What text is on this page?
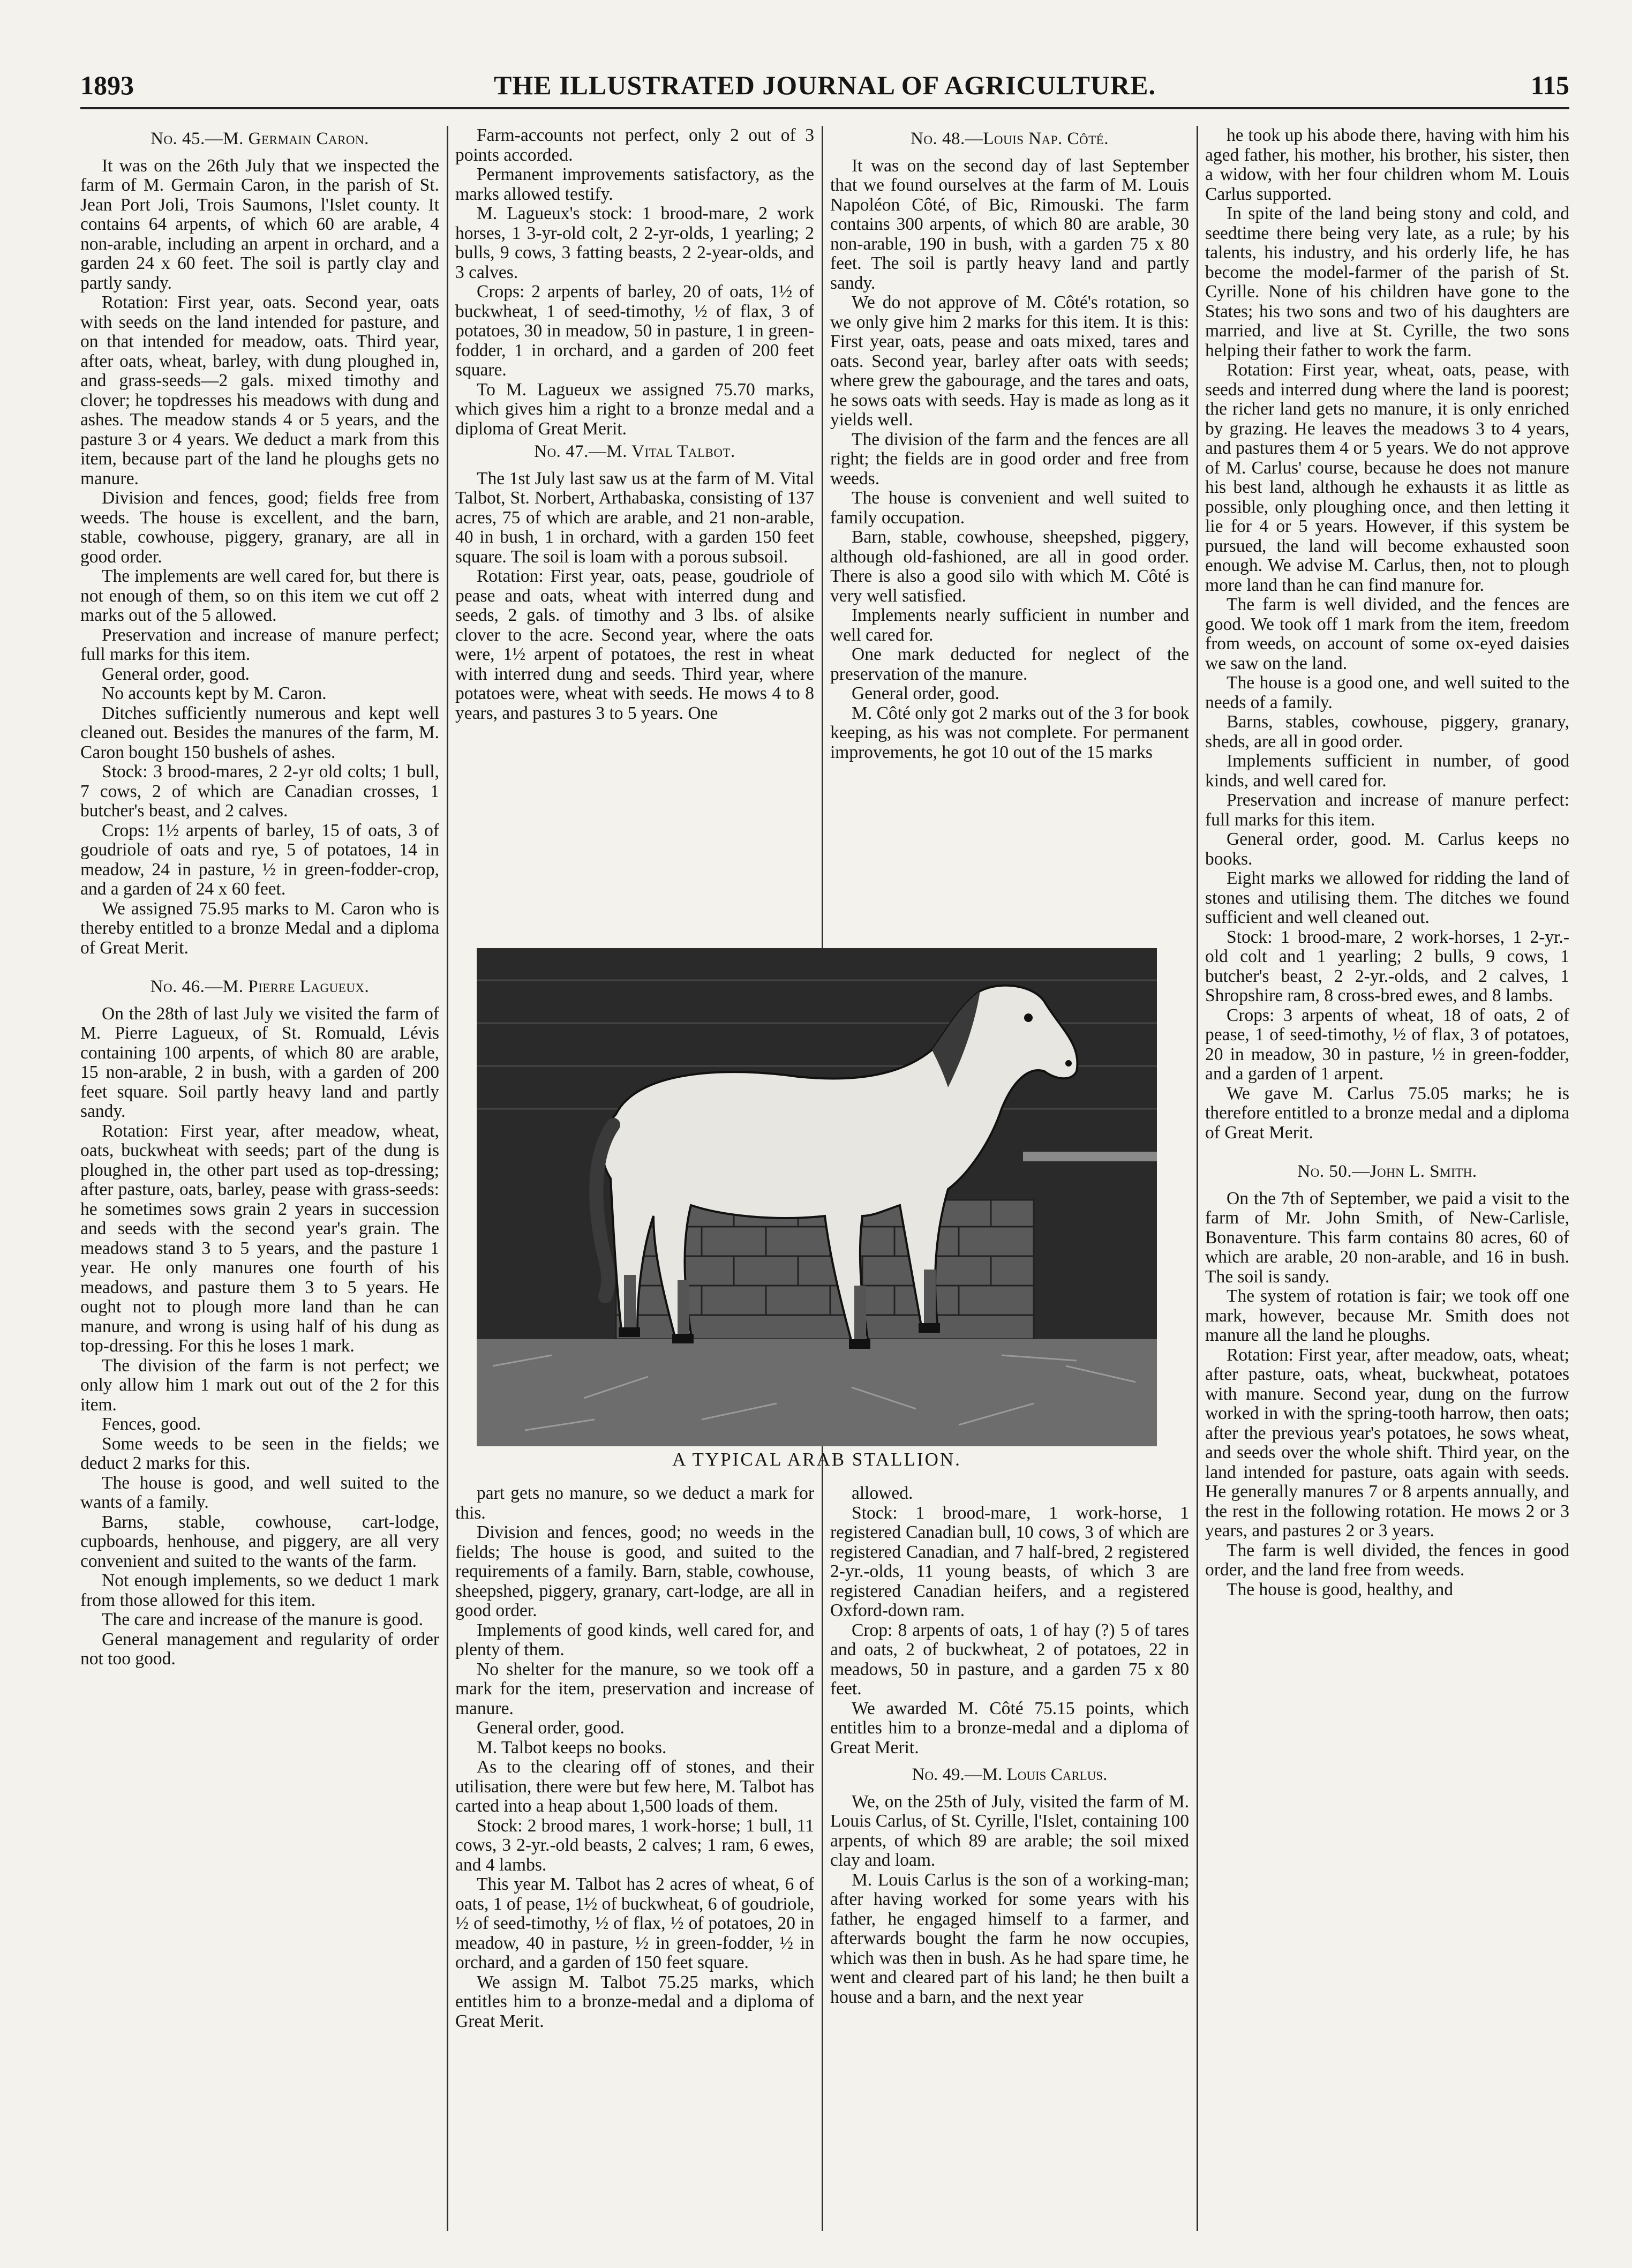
1893	THE ILLUSTRATED JOURNAL OF AGRICULTURE.	115
No. 45.—M. Germain Caron.

It was on the 26th July that we inspected the farm of M. Germain Caron, in the parish of St. Jean Port Joli, Trois Saumons, l'Islet county. It contains 64 arpents, of which 60 are arable, 4 non-arable, including an arpent in orchard, and a garden 24 x 60 feet. The soil is partly clay and partly sandy.

Rotation: First year, oats. Second year, oats with seeds on the land intended for pasture, and on that intended for meadow, oats. Third year, after oats, wheat, barley, with dung ploughed in, and grass-seeds—2 gals. mixed timothy and clover; he topdresses his meadows with dung and ashes. The meadow stands 4 or 5 years, and the pasture 3 or 4 years. We deduct a mark from this item, because part of the land he ploughs gets no manure.

Division and fences, good; fields free from weeds. The house is excellent, and the barn, stable, cowhouse, piggery, granary, are all in good order.

The implements are well cared for, but there is not enough of them, so on this item we cut off 2 marks out of the 5 allowed.

Preservation and increase of manure perfect; full marks for this item.

General order, good.

No accounts kept by M. Caron.

Ditches sufficiently numerous and kept well cleaned out. Besides the manures of the farm, M. Caron bought 150 bushels of ashes.

Stock: 3 brood-mares, 2 2-yr old colts; 1 bull, 7 cows, 2 of which are Canadian crosses, 1 butcher's beast, and 2 calves.

Crops: 1½ arpents of barley, 15 of oats, 3 of goudriole of oats and rye, 5 of potatoes, 14 in meadow, 24 in pasture, ½ in green-fodder-crop, and a garden of 24 x 60 feet.

We assigned 75.95 marks to M. Caron who is thereby entitled to a bronze Medal and a diploma of Great Merit.

No. 46.—M. Pierre Lagueux.

On the 28th of last July we visited the farm of M. Pierre Lagueux, of St. Romuald, Lévis containing 100 arpents, of which 80 are arable, 15 non-arable, 2 in bush, with a garden of 200 feet square. Soil partly heavy land and partly sandy.

Rotation: First year, after meadow, wheat, oats, buckwheat with seeds; part of the dung is ploughed in, the other part used as top-dressing; after pasture, oats, barley, pease with grass-seeds: he sometimes sows grain 2 years in succession and seeds with the second year's grain. The meadows stand 3 to 5 years, and the pasture 1 year. He only manures one fourth of his meadows, and pasture them 3 to 5 years. He ought not to plough more land than he can manure, and wrong is using half of his dung as top-dressing. For this he loses 1 mark.

The division of the farm is not perfect; we only allow him 1 mark out out of the 2 for this item.

Fences, good.

Some weeds to be seen in the fields; we deduct 2 marks for this.

The house is good, and well suited to the wants of a family.

Barns, stable, cowhouse, cart-lodge, cupboards, henhouse, and piggery, are all very convenient and suited to the wants of the farm.

Not enough implements, so we deduct 1 mark from those allowed for this item.

The care and increase of the manure is good.

General management and regularity of order not too good.

Farm-accounts not perfect, only 2 out of 3 points accorded.

Permanent improvements satisfactory, as the marks allowed testify.

M. Lagueux's stock: 1 brood-mare, 2 work horses, 1 3-yr-old colt, 2 2-yr-olds, 1 yearling; 2 bulls, 9 cows, 3 fatting beasts, 2 2-year-olds, and 3 calves.

Crops: 2 arpents of barley, 20 of oats, 1½ of buckwheat, 1 of seed-timothy, ½ of flax, 3 of potatoes, 30 in meadow, 50 in pasture, 1 in green-fodder, 1 in orchard, and a garden of 200 feet square.

To M. Lagueux we assigned 75.70 marks, which gives him a right to a bronze medal and a diploma of Great Merit.

No. 47.—M. Vital Talbot.

The 1st July last saw us at the farm of M. Vital Talbot, St. Norbert, Arthabaska, consisting of 137 acres, 75 of which are arable, and 21 non-arable, 40 in bush, 1 in orchard, with a garden 150 feet square. The soil is loam with a porous subsoil.

Rotation: First year, oats, pease, goudriole of pease and oats, wheat with interred dung and seeds, 2 gals. of timothy and 3 lbs. of alsike clover to the acre. Second year, where the oats were, 1½ arpent of potatoes, the rest in wheat with interred dung and seeds. Third year, where potatoes were, wheat with seeds. He mows 4 to 8 years, and pastures 3 to 5 years. One

No. 48.—Louis Nap. Côté.

It was on the second day of last September that we found ourselves at the farm of M. Louis Napoléon Côté, of Bic, Rimouski. The farm contains 300 arpents, of which 80 are arable, 30 non-arable, 190 in bush, with a garden 75 x 80 feet. The soil is partly heavy land and partly sandy.

We do not approve of M. Côté's rotation, so we only give him 2 marks for this item. It is this: First year, oats, pease and oats mixed, tares and oats. Second year, barley after oats with seeds; where grew the gabourage, and the tares and oats, he sows oats with seeds. Hay is made as long as it yields well.

The division of the farm and the fences are all right; the fields are in good order and free from weeds.

The house is convenient and well suited to family occupation.

Barn, stable, cowhouse, sheepshed, piggery, although old-fashioned, are all in good order. There is also a good silo with which M. Côté is very well satisfied.

Implements nearly sufficient in number and well cared for.

One mark deducted for neglect of the preservation of the manure.

General order, good.

M. Côté only got 2 marks out of the 3 for book keeping, as his was not complete. For permanent improvements, he got 10 out of the 15 marks

A TYPICAL ARAB STALLION.

part gets no manure, so we deduct a mark for this.

Division and fences, good; no weeds in the fields; The house is good, and suited to the requirements of a family. Barn, stable, cowhouse, sheepshed, piggery, granary, cart-lodge, are all in good order.

Implements of good kinds, well cared for, and plenty of them.

No shelter for the manure, so we took off a mark for the item, preservation and increase of manure.

General order, good.

M. Talbot keeps no books.

As to the clearing off of stones, and their utilisation, there were but few here, M. Talbot has carted into a heap about 1,500 loads of them.

Stock: 2 brood mares, 1 work-horse; 1 bull, 11 cows, 3 2-yr.-old beasts, 2 calves; 1 ram, 6 ewes, and 4 lambs.

This year M. Talbot has 2 acres of wheat, 6 of oats, 1 of pease, 1½ of buckwheat, 6 of goudriole, ½ of seed-timothy, ½ of flax, ½ of potatoes, 20 in meadow, 40 in pasture, ½ in green-fodder, ½ in orchard, and a garden of 150 feet square.

We assign M. Talbot 75.25 marks, which entitles him to a bronze-medal and a diploma of Great Merit.

allowed.

Stock: 1 brood-mare, 1 work-horse, 1 registered Canadian bull, 10 cows, 3 of which are registered Canadian, and 7 half-bred, 2 registered 2-yr.-olds, 11 young beasts, of which 3 are registered Canadian heifers, and a registered Oxford-down ram.

Crop: 8 arpents of oats, 1 of hay (?) 5 of tares and oats, 2 of buckwheat, 2 of potatoes, 22 in meadows, 50 in pasture, and a garden 75 x 80 feet.

We awarded M. Côté 75.15 points, which entitles him to a bronze-medal and a diploma of Great Merit.

No. 49.—M. Louis Carlus.

We, on the 25th of July, visited the farm of M. Louis Carlus, of St. Cyrille, l'Islet, containing 100 arpents, of which 89 are arable; the soil mixed clay and loam.

M. Louis Carlus is the son of a working-man; after having worked for some years with his father, he engaged himself to a farmer, and afterwards bought the farm he now occupies, which was then in bush. As he had spare time, he went and cleared part of his land; he then built a house and a barn, and the next year

he took up his abode there, having with him his aged father, his mother, his brother, his sister, then a widow, with her four children whom M. Louis Carlus supported.

In spite of the land being stony and cold, and seedtime there being very late, as a rule; by his talents, his industry, and his orderly life, he has become the model-farmer of the parish of St. Cyrille. None of his children have gone to the States; his two sons and two of his daughters are married, and live at St. Cyrille, the two sons helping their father to work the farm.

Rotation: First year, wheat, oats, pease, with seeds and interred dung where the land is poorest; the richer land gets no manure, it is only enriched by grazing. He leaves the meadows 3 to 4 years, and pastures them 4 or 5 years. We do not approve of M. Carlus' course, because he does not manure his best land, although he exhausts it as little as possible, only ploughing once, and then letting it lie for 4 or 5 years. However, if this system be pursued, the land will become exhausted soon enough. We advise M. Carlus, then, not to plough more land than he can find manure for.

The farm is well divided, and the fences are good. We took off 1 mark from the item, freedom from weeds, on account of some ox-eyed daisies we saw on the land.

The house is a good one, and well suited to the needs of a family.

Barns, stables, cowhouse, piggery, granary, sheds, are all in good order.

Implements sufficient in number, of good kinds, and well cared for.

Preservation and increase of manure perfect: full marks for this item.

General order, good. M. Carlus keeps no books.

Eight marks we allowed for ridding the land of stones and utilising them. The ditches we found sufficient and well cleaned out.

Stock: 1 brood-mare, 2 work-horses, 1 2-yr.-old colt and 1 yearling; 2 bulls, 9 cows, 1 butcher's beast, 2 2-yr.-olds, and 2 calves, 1 Shropshire ram, 8 cross-bred ewes, and 8 lambs.

Crops: 3 arpents of wheat, 18 of oats, 2 of pease, 1 of seed-timothy, ½ of flax, 3 of potatoes, 20 in meadow, 30 in pasture, ½ in green-fodder, and a garden of 1 arpent.

We gave M. Carlus 75.05 marks; he is therefore entitled to a bronze medal and a diploma of Great Merit.

No. 50.—John L. Smith.

On the 7th of September, we paid a visit to the farm of Mr. John Smith, of New-Carlisle, Bonaventure. This farm contains 80 acres, 60 of which are arable, 20 non-arable, and 16 in bush. The soil is sandy.

The system of rotation is fair; we took off one mark, however, because Mr. Smith does not manure all the land he ploughs.

Rotation: First year, after meadow, oats, wheat; after pasture, oats, wheat, buckwheat, potatoes with manure. Second year, dung on the furrow worked in with the spring-tooth harrow, then oats; after the previous year's potatoes, he sows wheat, and seeds over the whole shift. Third year, on the land intended for pasture, oats again with seeds. He generally manures 7 or 8 arpents annually, and the rest in the following rotation. He mows 2 or 3 years, and pastures 2 or 3 years.

The farm is well divided, the fences in good order, and the land free from weeds.

The house is good, healthy, and
